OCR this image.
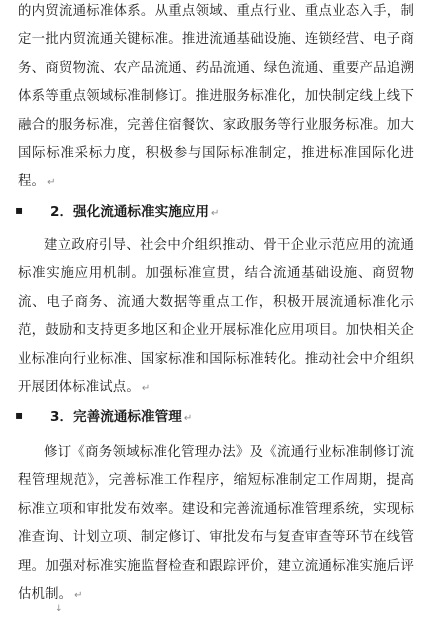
的内贸流通标准体系。从重点领域、重点行业、重点业态入手，制定一批内贸流通关键标准。推进流通基础设施、连锁经营、电子商务、商贸物流、农产品流通、药品流通、绿色流通、重要产品追溯体系等重点领域标准制修订。推进服务标准化，加快制定线上线下融合的服务标准，完善住宿餐饮、家政服务等行业服务标准。加大国际标准采标力度，积极参与国际标准制定，推进标准国际化进程。 ↵

▪ 2．强化流通标准实施应用 ↵

建立政府引导、社会中介组织推动、骨干企业示范应用的流通标准实施应用机制。加强标准宣贯，结合流通基础设施、商贸物流、电子商务、流通大数据等重点工作，积极开展流通标准化示范，鼓励和支持更多地区和企业开展标准化应用项目。加快相关企业标准向行业标准、国家标准和国际标准转化。推动社会中介组织开展团体标准试点。 ↵

▪ 3．完善流通标准管理 ↵

修订《商务领域标准化管理办法》及《流通行业标准制修订流程管理规范》，完善标准工作程序，缩短标准制定工作周期，提高标准立项和审批发布效率。建设和完善流通标准管理系统，实现标准查询、计划立项、制定修订、审批发布与复查审查等环节在线管理。加强对标准实施监督检查和跟踪评价，建立流通标准实施后评估机制。 ↵

↓
